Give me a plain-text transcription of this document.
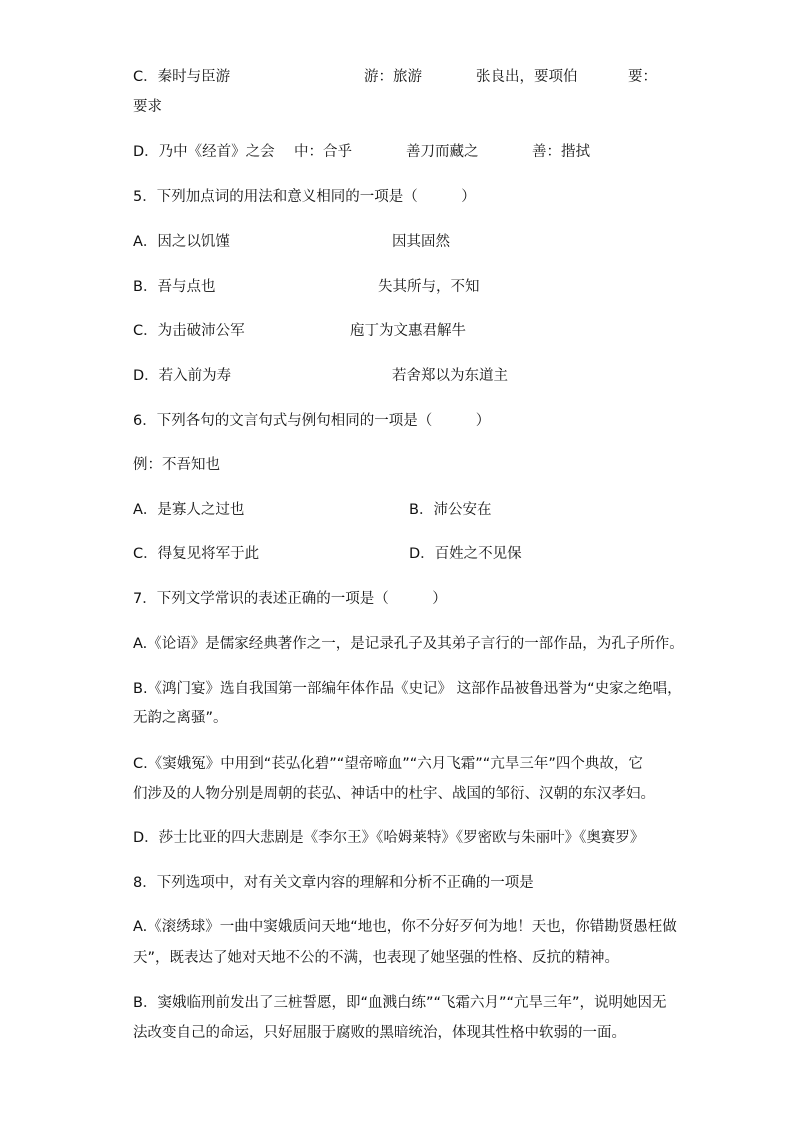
C．秦时与臣游	游：旅游	张良出，要项伯	要：
要求
D．乃中《经首》之会 中：合乎	善刀而藏之	善：揩拭
5．下列加点词的用法和意义相同的一项是（　　　）
A．因之以饥馑	因其固然
B．吾与点也	失其所与，不知
C．为击破沛公军	庖丁为文惠君解牛
D．若入前为寿	若舍郑以为东道主
6．下列各句的文言句式与例句相同的一项是（　　　）
例：不吾知也
A．是寡人之过也	B．沛公安在
C．得复见将军于此	D．百姓之不见保
7．下列文学常识的表述正确的一项是（　　　）
A.《论语》是儒家经典著作之一，是记录孔子及其弟子言行的一部作品，为孔子所作。
B.《鸿门宴》选自我国第一部编年体作品《史记》 这部作品被鲁迅誉为“史家之绝唱，
无韵之离骚”。
C.《窦娥冤》中用到“苌弘化碧”“望帝啼血”“六月飞霜”“亢旱三年”四个典故，它
们涉及的人物分别是周朝的苌弘、神话中的杜宇、战国的邹衍、汉朝的东汉孝妇。
D．莎士比亚的四大悲剧是《李尔王》《哈姆莱特》《罗密欧与朱丽叶》《奥赛罗》
8．下列选项中，对有关文章内容的理解和分析不正确的一项是
A.《滚绣球》一曲中窦娥质问天地“地也，你不分好歹何为地！天也，你错勘贤愚枉做
天”，既表达了她对天地不公的不满，也表现了她坚强的性格、反抗的精神。
B．窦娥临刑前发出了三桩誓愿，即“血溅白练”“飞霜六月”“亢旱三年”，说明她因无
法改变自己的命运，只好屈服于腐败的黑暗统治，体现其性格中软弱的一面。
